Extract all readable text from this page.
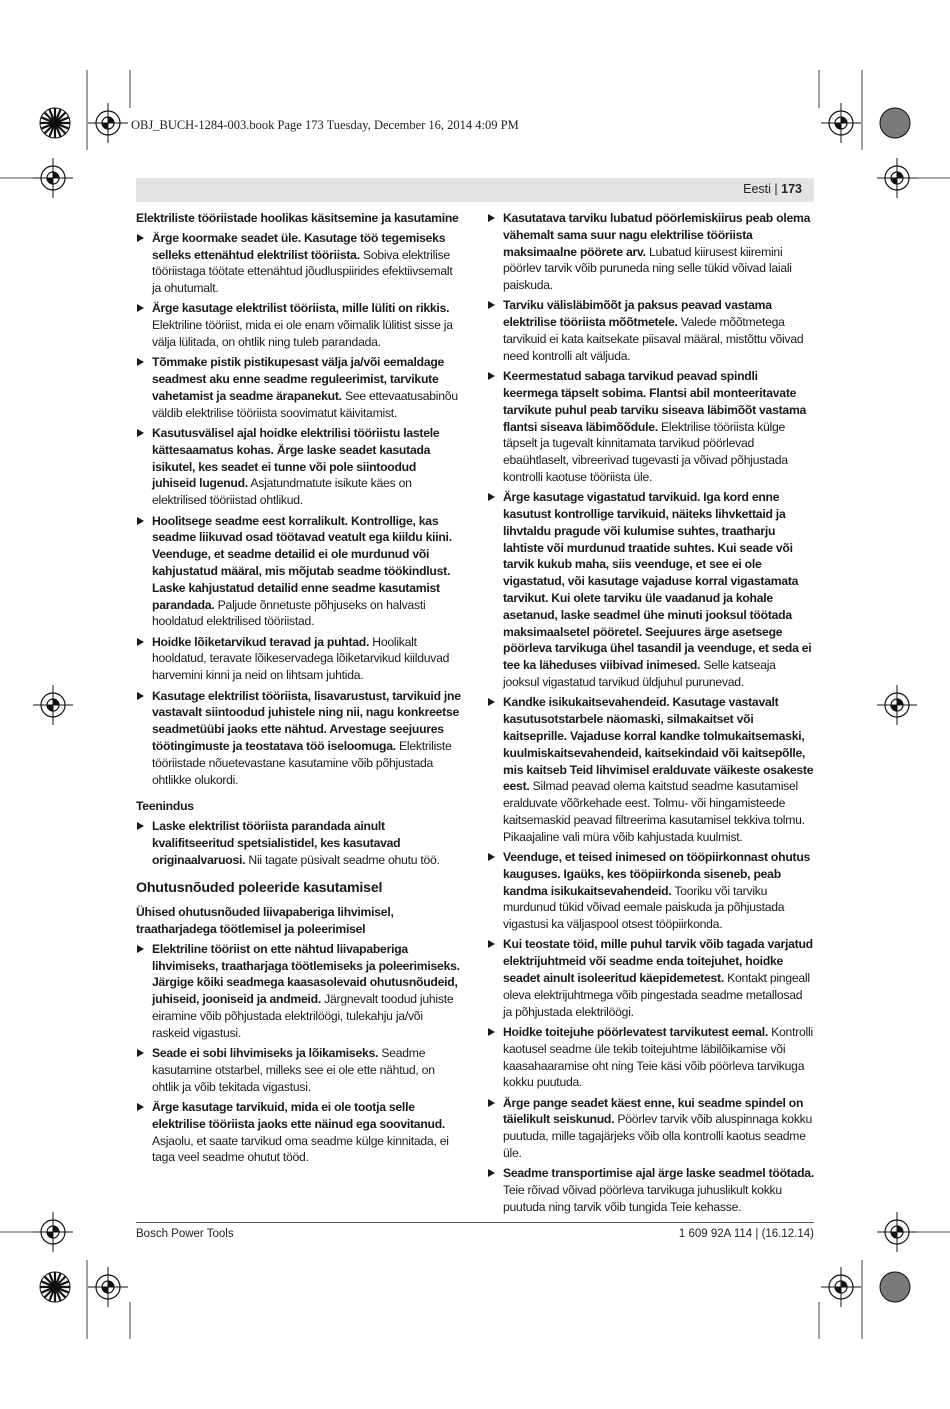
OBJ_BUCH-1284-003.book Page 173 Tuesday, December 16, 2014 4:09 PM
Eesti | 173
Elektriliste tööriistade hoolikas käsitsemine ja kasutamine
Ärge koormake seadet üle. Kasutage töö tegemiseks selleks ettenähtud elektrilist tööriista. Sobiva elektrilise tööriistaga töötate ettenähtud jõudluspiirides efektiivsemalt ja ohutumalt.
Ärge kasutage elektrilist tööriista, mille lüliti on rikkis. Elektriline tööriist, mida ei ole enam võimalik lülitist sisse ja välja lülitada, on ohtlik ning tuleb parandada.
Tõmmake pistik pistikupesast välja ja/või eemaldage seadmest aku enne seadme reguleerimist, tarvikute vahetamist ja seadme ärapanekut. See ettevaatusabinõu väldib elektrilise tööriista soovimatut käivitamist.
Kasutusvälisel ajal hoidke elektrilisi tööriistu lastele kättesaamatus kohas. Ärge laske seadet kasutada isikutel, kes seadet ei tunne või pole siintoodud juhiseid lugenud. Asjatundmatute isikute käes on elektrilised tööriistad ohtlikud.
Hoolitsege seadme eest korralikult. Kontrollige, kas seadme liikuvad osad töötavad veatult ega kiildu kiini. Veenduge, et seadme detailid ei ole murdunud või kahjustatud määral, mis mõjutab seadme töökindlust. Laske kahjustatud detailid enne seadme kasutamist parandada. Paljude õnnetuste põhjuseks on halvasti hooldatud elektrilised tööriistad.
Hoidke lõiketarvikud teravad ja puhtad. Hoolikalt hooldatud, teravate lõikeservadega lõiketarvikud kiilduvad harvemini kinni ja neid on lihtsam juhtida.
Kasutage elektrilist tööriista, lisavarustust, tarvikuid jne vastavalt siintoodud juhistele ning nii, nagu konkreetse seadmetüübi jaoks ette nähtud. Arvestage seejuures töötingimuste ja teostatava töö iseloomuga. Elektriliste tööriistade nõuetevastane kasutamine võib põhjustada ohtlikke olukordi.
Teenindus
Laske elektrilist tööriista parandada ainult kvalifitseeritud spetsialistidel, kes kasutavad originaalvaruosi. Nii tagate püsivalt seadme ohutu töö.
Ohutusnõuded poleeride kasutamisel
Ühised ohutusnõuded liivapaberiga lihvimisel, traatharjadega töötlemisel ja poleerimisel
Elektriline tööriist on ette nähtud liivapaberiga lihvimiseks, traatharjaga töötlemiseks ja poleerimiseks. Järgige kõiki seadmega kaasasolevaid ohutusnõudeid, juhiseid, jooniseid ja andmeid. Järgnevalt toodud juhiste eiramine võib põhjustada elektrilöögi, tulekahju ja/või raskeid vigastusi.
Seade ei sobi lihvimiseks ja lõikamiseks. Seadme kasutamine otstarbel, milleks see ei ole ette nähtud, on ohtlik ja võib tekitada vigastusi.
Ärge kasutage tarvikuid, mida ei ole tootja selle elektrilise tööriista jaoks ette näinud ega soovitanud. Asjaolu, et saate tarvikud oma seadme külge kinnitada, ei taga veel seadme ohutut tööd.
Kasutatava tarviku lubatud pöörlemiskiirus peab olema vähemalt sama suur nagu elektrilise tööriista maksimaalne pöörete arv. Lubatud kiirusest kiiremini pöörlev tarvik võib puruneda ning selle tükid võivad laiali paiskuda.
Tarviku välisläbimõõt ja paksus peavad vastama elektrilise tööriista mõõtmetele. Valede mõõtmetega tarvikuid ei kata kaitsekate piisaval määral, mistõttu võivad need kontrolli alt väljuda.
Keermestatud sabaga tarvikud peavad spindli keermega täpselt sobima. Flantsi abil monteeritavate tarvikute puhul peab tarviku siseava läbimõõt vastama flantsi siseava läbimõõdule. Elektrilise tööriista külge täpselt ja tugevalt kinnitamata tarvikud pöörlevad ebaühtlaselt, vibreerivad tugevasti ja võivad põhjustada kontrolli kaotuse tööriista üle.
Ärge kasutage vigastatud tarvikuid. Iga kord enne kasutust kontrollige tarvikuid, näiteks lihvkettaid ja lihvtaldu pragude või kulumise suhtes, traatharju lahtiste või murdunud traatide suhtes. Kui seade või tarvik kukub maha, siis veenduge, et see ei ole vigastatud, või kasutage vajaduse korral vigastamata tarvikut. Kui olete tarviku üle vaadanud ja kohale asetanud, laske seadmel ühe minuti jooksul töötada maksimaalsetel pööretel. Seejuures ärge asetsege pöörleva tarvikuga ühel tasandil ja veenduge, et seda ei tee ka läheduses viibivad inimesed. Selle katseaja jooksul vigastatud tarvikud üldjuhul purunevad.
Kandke isikukaitsevahendeid. Kasutage vastavalt kasutusotstarbele näomaski, silmakaitset või kaitseprille. Vajaduse korral kandke tolmukaitsemaski, kuulmiskaitsevahendeid, kaitsekindaid või kaitsepõlle, mis kaitseb Teid lihvimisel eralduvate väikeste osakeste eest. Silmad peavad olema kaitstud seadme kasutamisel eralduvate võõrkehade eest. Tolmu- või hingamisteede kaitsemaskid peavad filtreerima kasutamisel tekkiva tolmu. Pikaajaline vali müra võib kahjustada kuulmist.
Veenduge, et teised inimesed on tööpiirkonnast ohutus kauguses. Igaüks, kes tööpiirkonda siseneb, peab kandma isikukaitsevahendeid. Tooriku või tarviku murdunud tükid võivad eemale paiskuda ja põhjustada vigastusi ka väljaspool otsest tööpiirkonda.
Kui teostate töid, mille puhul tarvik võib tagada varjatud elektrijuhtmeid või seadme enda toitejuhet, hoidke seadet ainult isoleeritud käepidemetest. Kontakt pingeall oleva elektrijuhtmega võib pingestada seadme metallosad ja põhjustada elektrilöögi.
Hoidke toitejuhe pöörlevatest tarvikutest eemal. Kontrolli kaotusel seadme üle tekib toitejuhtme läbilõikamise või kaasahaaramise oht ning Teie käsi võib pöörleva tarvikuga kokku puutuda.
Ärge pange seadet käest enne, kui seadme spindel on täielikult seiskunud. Pöörlev tarvik võib aluspinnaga kokku puutuda, mille tagajärjeks võib olla kontrolli kaotus seadme üle.
Seadme transportimise ajal ärge laske seadmel töötada. Teie rõivad võivad pöörleva tarvikuga juhuslikult kokku puutuda ning tarvik võib tungida Teie kehasse.
Bosch Power Tools	1 609 92A 114 | (16.12.14)
